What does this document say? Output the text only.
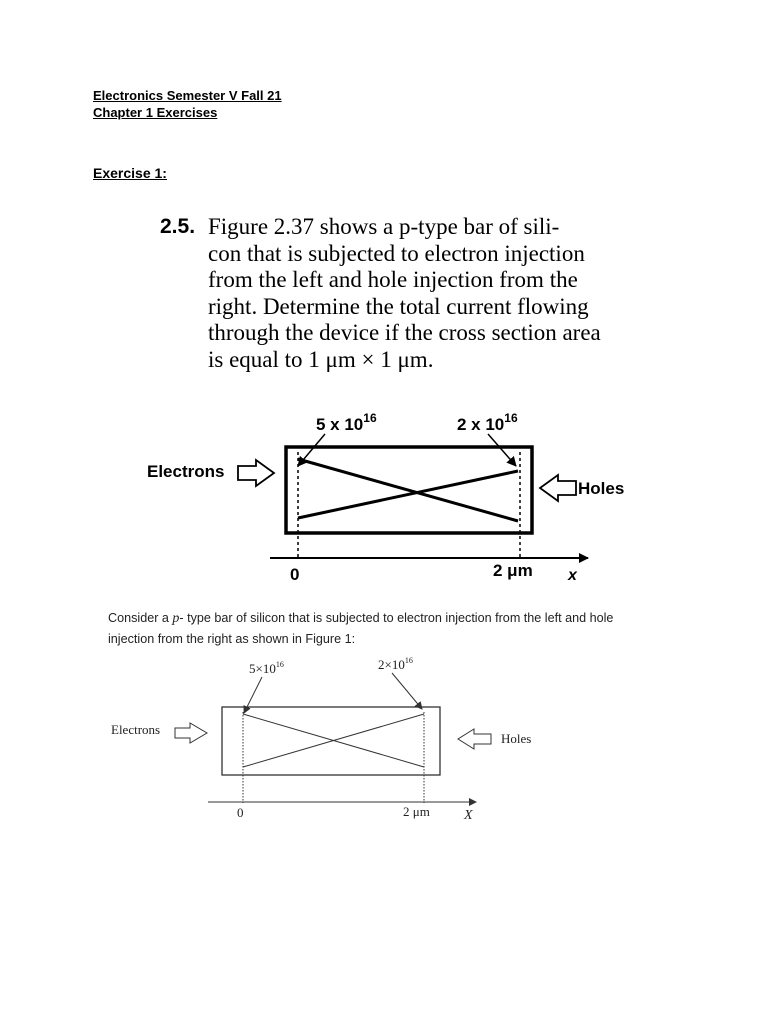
Electronics Semester V Fall 21
Chapter 1 Exercises
Exercise 1:
2.5. Figure 2.37 shows a p-type bar of sili-
con that is subjected to electron injection
from the left and hole injection from the
right. Determine the total current flowing
through the device if the cross section area
is equal to 1 μm × 1 μm.
5 x $10^{16}$	2 x $10^{16}$
0	2 μm x
Electrons
Holes
$5\times 10^{16}$	$2\times 10^{16}$
0	2 μm X
Electrons
Holes
Consider a p- type bar of silicon that is subjected to electron injection from the left and hole
injection from the right as shown in Figure 1:
